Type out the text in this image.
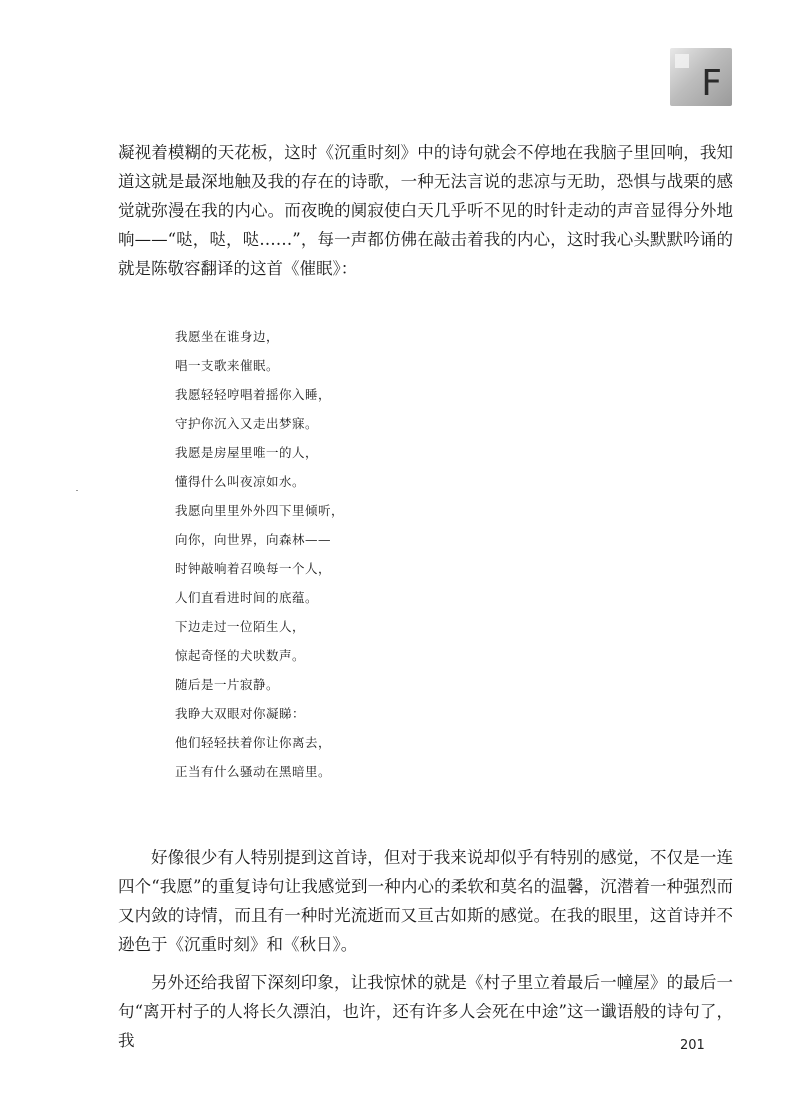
F

凝视着模糊的天花板，这时《沉重时刻》中的诗句就会不停地在我脑子里回响，我知道这就是最深地触及我的存在的诗歌，一种无法言说的悲凉与无助，恐惧与战栗的感觉就弥漫在我的内心。而夜晚的阒寂使白天几乎听不见的时针走动的声音显得分外地响——“哒，哒，哒……”，每一声都仿佛在敲击着我的内心，这时我心头默默吟诵的就是陈敬容翻译的这首《催眠》：

我愿坐在谁身边，
唱一支歌来催眠。
我愿轻轻哼唱着摇你入睡，
守护你沉入又走出梦寐。
我愿是房屋里唯一的人，
懂得什么叫夜凉如水。
我愿向里里外外四下里倾听，
向你，向世界，向森林——
时钟敲响着召唤每一个人，
人们直看进时间的底蕴。
下边走过一位陌生人，
惊起奇怪的犬吠数声。
随后是一片寂静。
我睁大双眼对你凝睇：
他们轻轻扶着你让你离去，
正当有什么骚动在黑暗里。

好像很少有人特别提到这首诗，但对于我来说却似乎有特别的感觉，不仅是一连四个“我愿”的重复诗句让我感觉到一种内心的柔软和莫名的温馨，沉潜着一种强烈而又内敛的诗情，而且有一种时光流逝而又亘古如斯的感觉。在我的眼里，这首诗并不逊色于《沉重时刻》和《秋日》。

另外还给我留下深刻印象，让我惊怵的就是《村子里立着最后一幢屋》的最后一句“离开村子的人将长久漂泊，也许，还有许多人会死在中途”这一谶语般的诗句了，我	201
